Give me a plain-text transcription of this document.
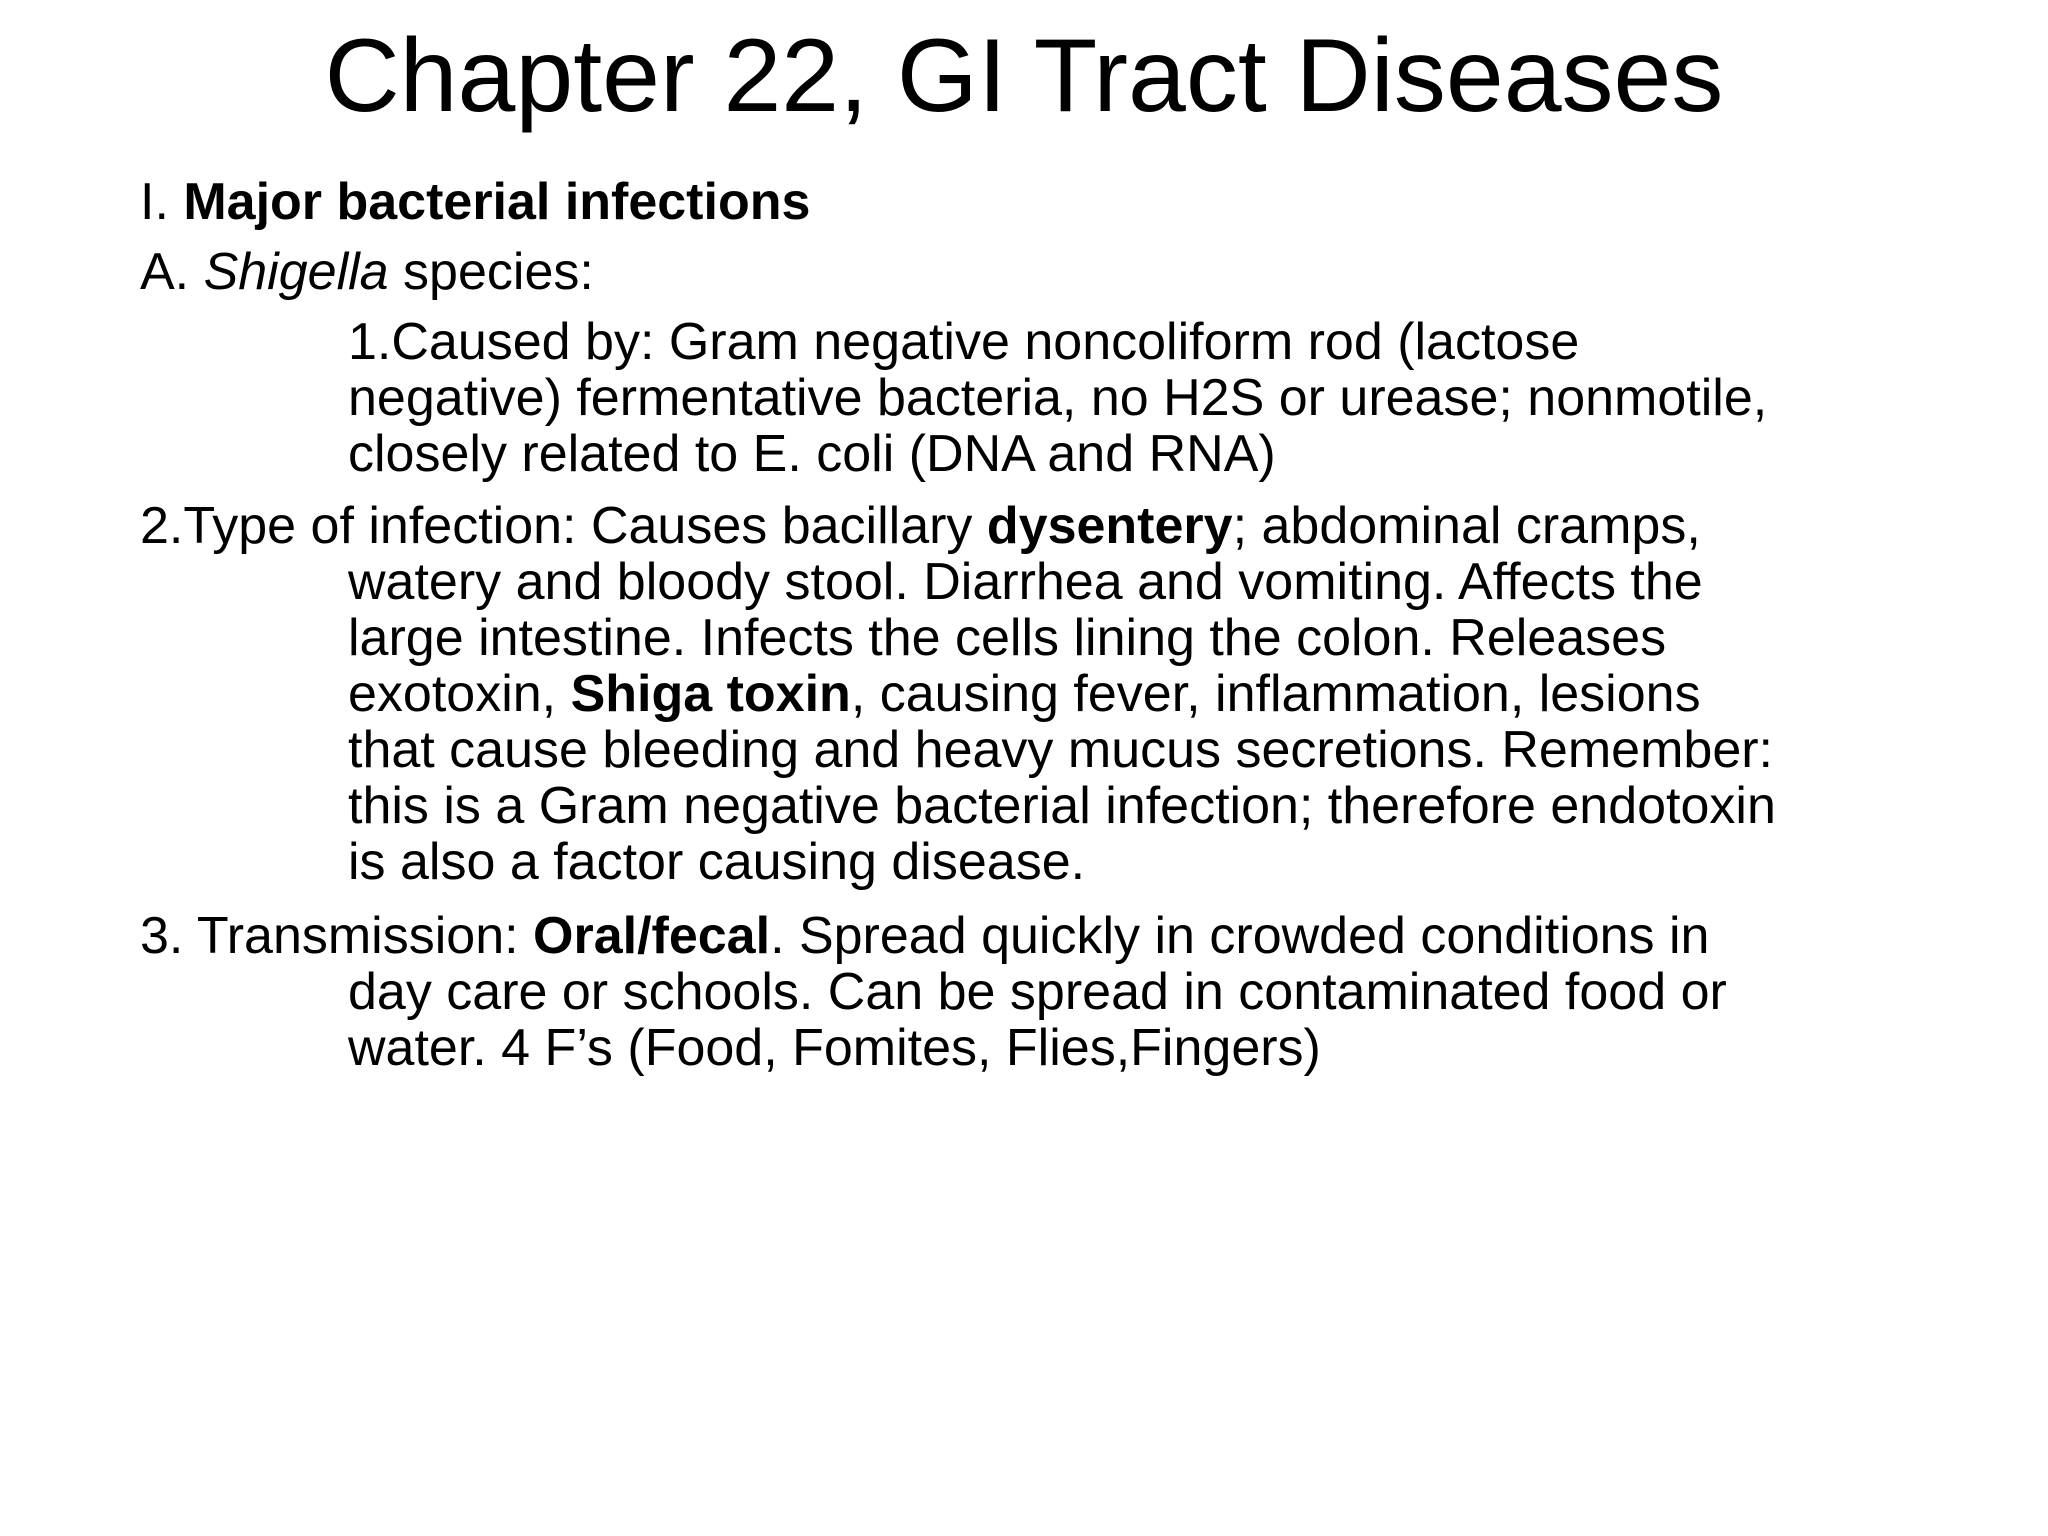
Chapter 22, GI Tract Diseases
I. Major bacterial infections
A. Shigella species:
1.Caused by: Gram negative noncoliform rod (lactose
negative) fermentative bacteria, no H2S or urease; nonmotile,
closely related to E. coli (DNA and RNA)
2.Type of infection: Causes bacillary dysentery; abdominal cramps,
watery and bloody stool. Diarrhea and vomiting. Affects the
large intestine. Infects the cells lining the colon. Releases
exotoxin, Shiga toxin, causing fever, inflammation, lesions
that cause bleeding and heavy mucus secretions. Remember:
this is a Gram negative bacterial infection; therefore endotoxin
is also a factor causing disease.
3. Transmission: Oral/fecal. Spread quickly in crowded conditions in
day care or schools. Can be spread in contaminated food or
water. 4 F’s (Food, Fomites, Flies,Fingers)
